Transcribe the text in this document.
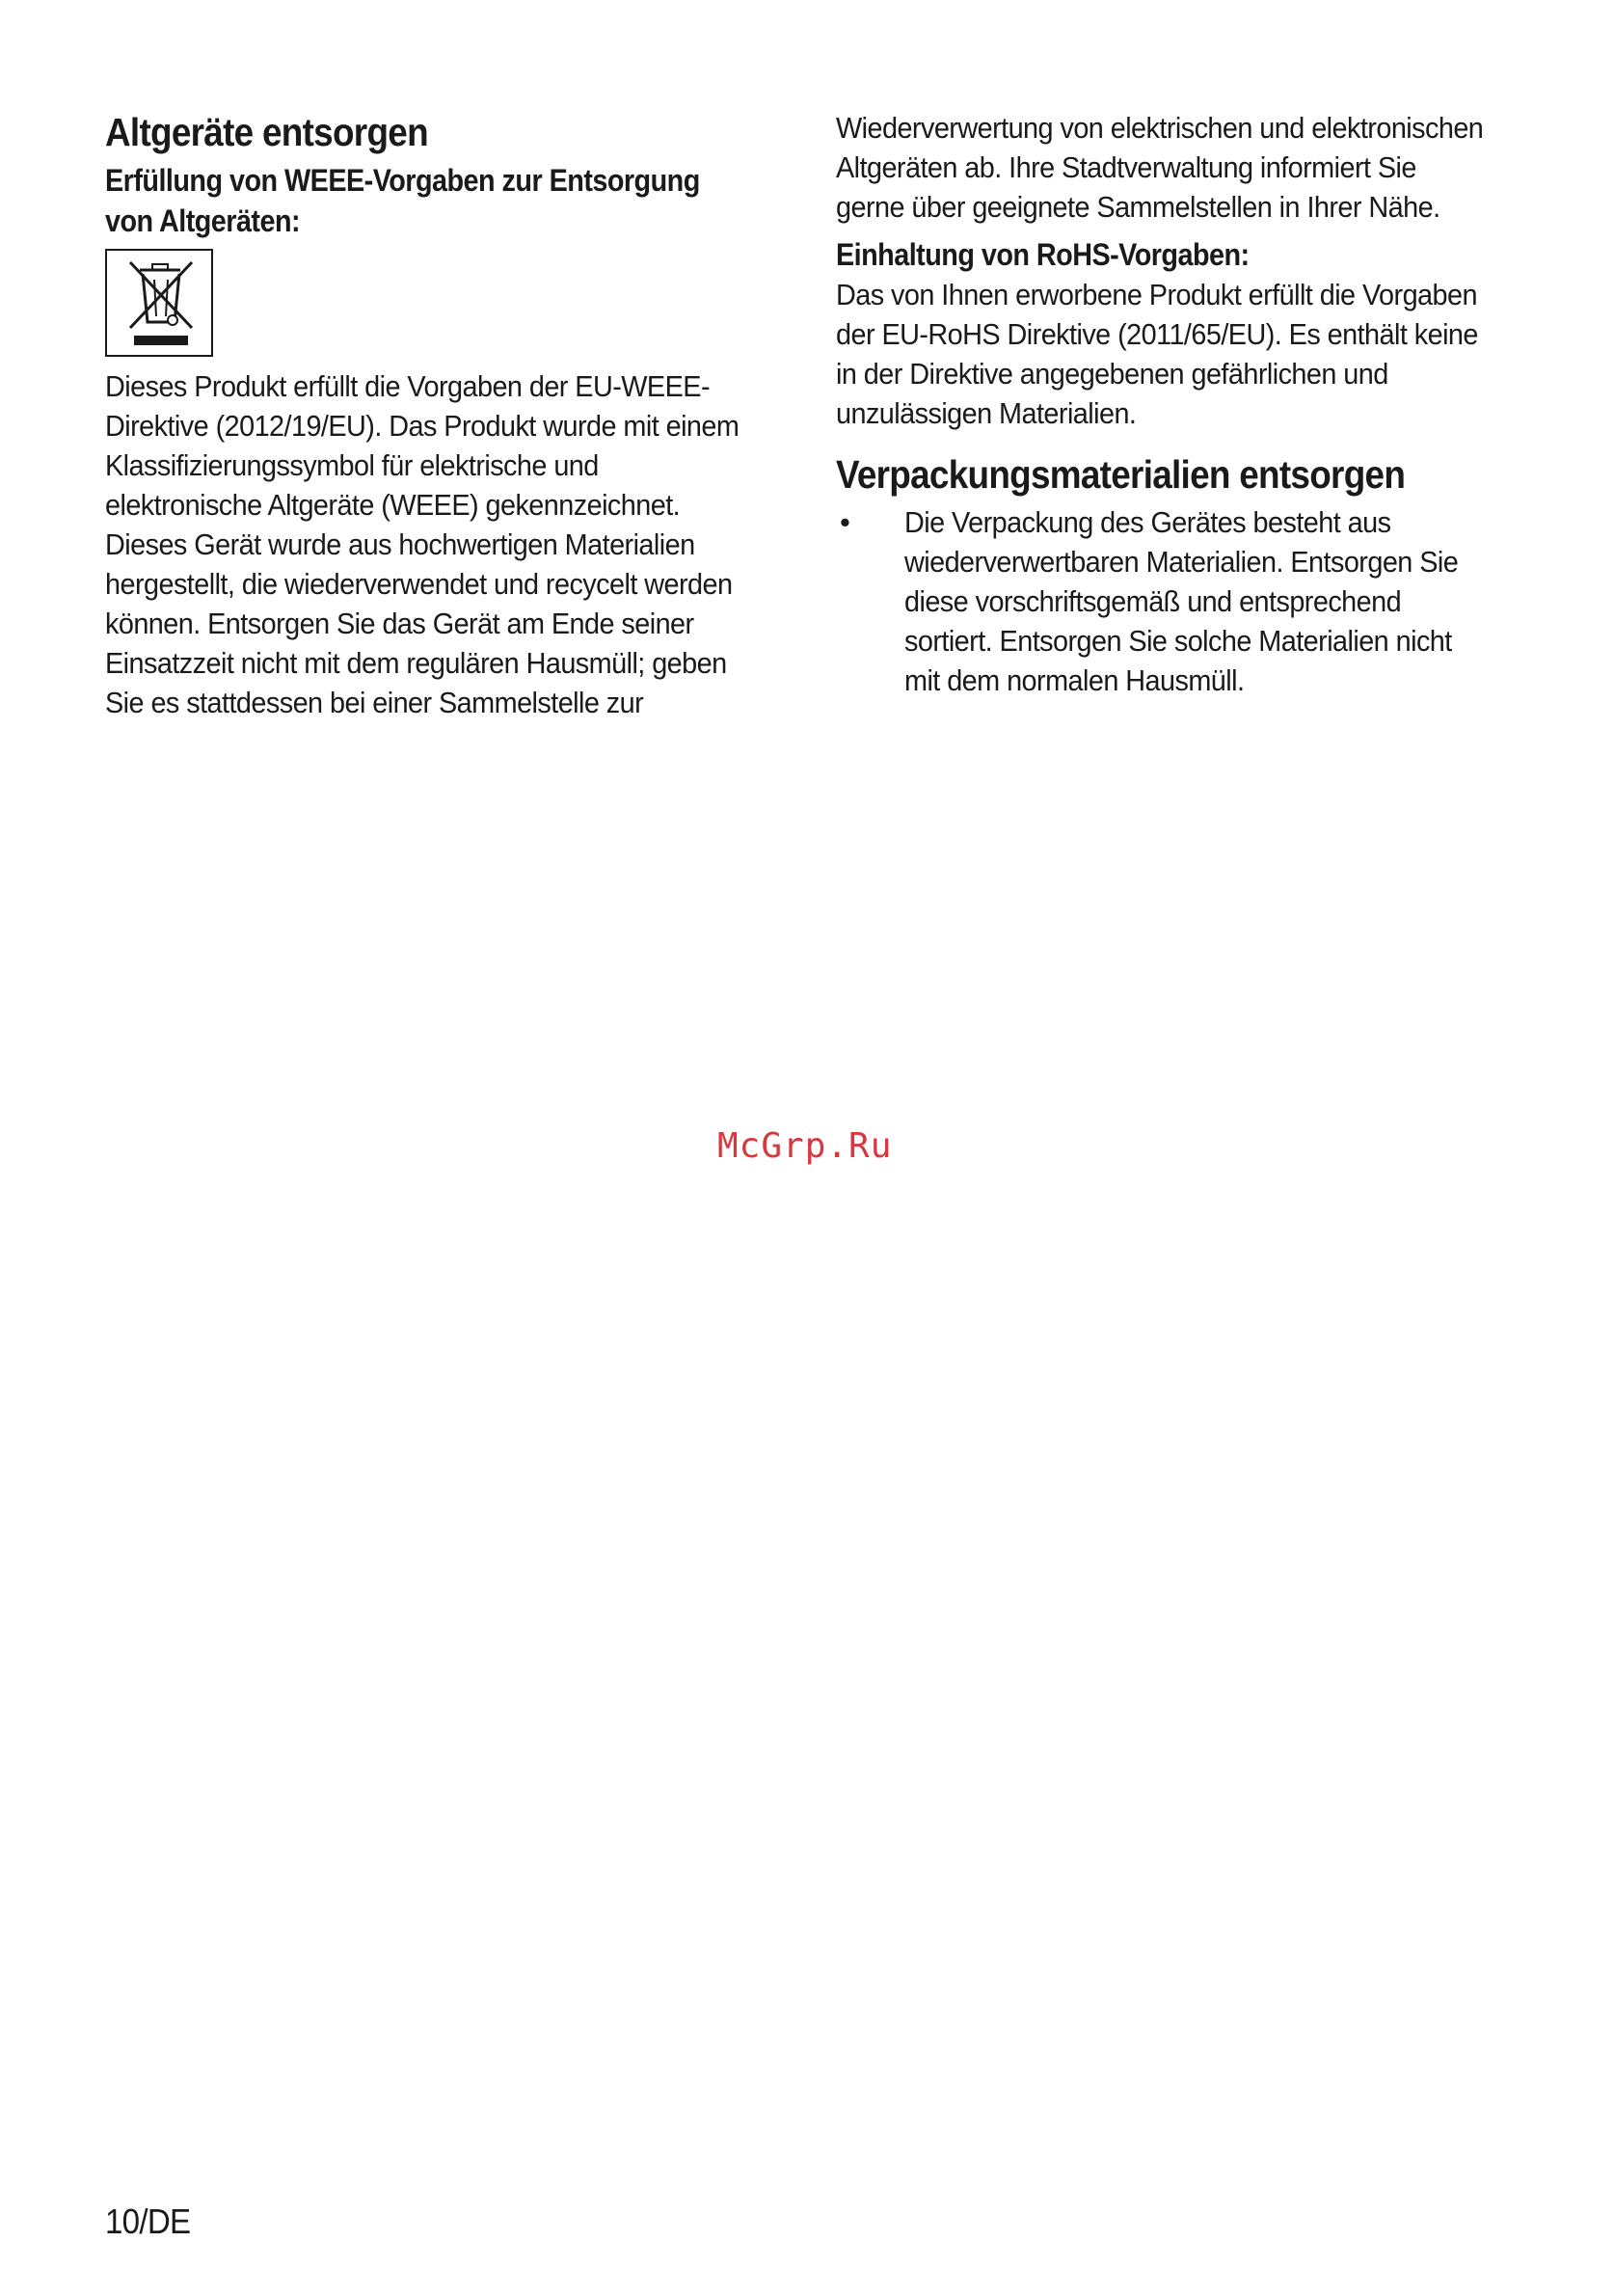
Altgeräte entsorgen
Erfüllung von WEEE-Vorgaben zur Entsorgung
von Altgeräten:

Dieses Produkt erfüllt die Vorgaben der EU-WEEE-

Direktive (2012/19/EU). Das Produkt wurde mit einem

Klassifizierungssymbol für elektrische und

elektronische Altgeräte (WEEE) gekennzeichnet.

Dieses Gerät wurde aus hochwertigen Materialien

hergestellt, die wiederverwendet und recycelt werden

können. Entsorgen Sie das Gerät am Ende seiner

Einsatzzeit nicht mit dem regulären Hausmüll; geben

Sie es stattdessen bei einer Sammelstelle zur

Wiederverwertung von elektrischen und elektronischen

Altgeräten ab. Ihre Stadtverwaltung informiert Sie

gerne über geeignete Sammelstellen in Ihrer Nähe.

Einhaltung von RoHS-Vorgaben:

Das von Ihnen erworbene Produkt erfüllt die Vorgaben

der EU-RoHS Direktive (2011/65/EU). Es enthält keine

in der Direktive angegebenen gefährlichen und

unzulässigen Materialien.

Verpackungsmaterialien entsorgen
• Die Verpackung des Gerätes besteht aus

wiederverwertbaren Materialien. Entsorgen Sie

diese vorschriftsgemäß und entsprechend

sortiert. Entsorgen Sie solche Materialien nicht

mit dem normalen Hausmüll.

McGrp.Ru
10/DE
